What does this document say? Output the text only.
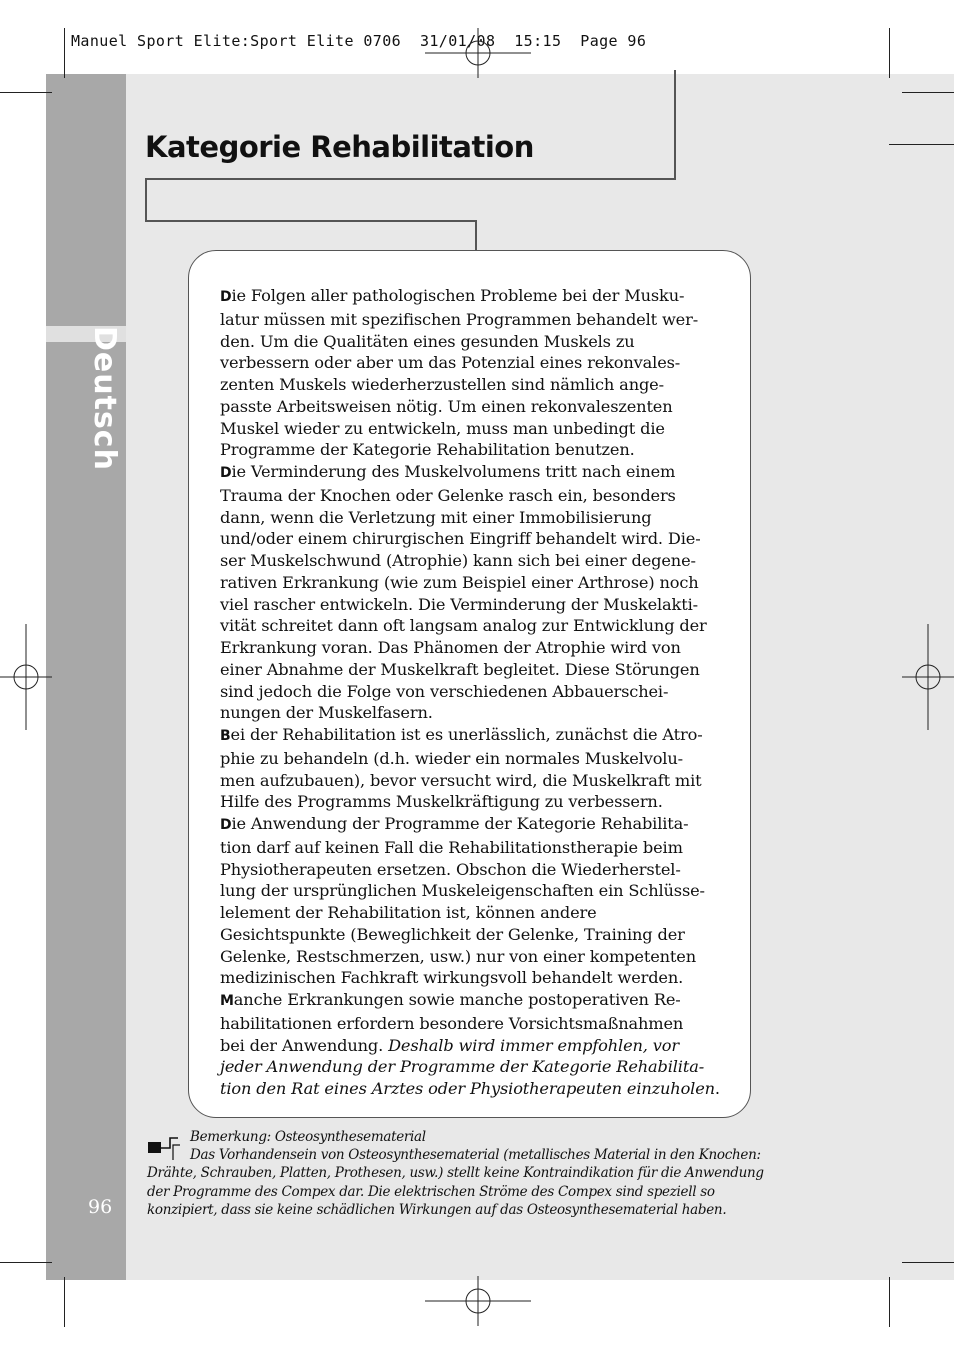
Manuel Sport Elite:Sport Elite 0706  31/01/08  15:15  Page 96
Deutsch
96
Kategorie Rehabilitation
Die Folgen aller pathologischen Probleme bei der Musku-
latur müssen mit spezifischen Programmen behandelt wer-
den. Um die Qualitäten eines gesunden Muskels zu
verbessern oder aber um das Potenzial eines rekonvales-
zenten Muskels wiederherzustellen sind nämlich ange-
passte Arbeitsweisen nötig. Um einen rekonvaleszenten
Muskel wieder zu entwickeln, muss man unbedingt die
Programme der Kategorie Rehabilitation benutzen.
Die Verminderung des Muskelvolumens tritt nach einem
Trauma der Knochen oder Gelenke rasch ein, besonders
dann, wenn die Verletzung mit einer Immobilisierung
und/oder einem chirurgischen Eingriff behandelt wird. Die-
ser Muskelschwund (Atrophie) kann sich bei einer degene-
rativen Erkrankung (wie zum Beispiel einer Arthrose) noch
viel rascher entwickeln. Die Verminderung der Muskelakti-
vität schreitet dann oft langsam analog zur Entwicklung der
Erkrankung voran. Das Phänomen der Atrophie wird von
einer Abnahme der Muskelkraft begleitet. Diese Störungen
sind jedoch die Folge von verschiedenen Abbauerschei-
nungen der Muskelfasern.
Bei der Rehabilitation ist es unerlässlich, zunächst die Atro-
phie zu behandeln (d.h. wieder ein normales Muskelvolu-
men aufzubauen), bevor versucht wird, die Muskelkraft mit
Hilfe des Programms Muskelkräftigung zu verbessern.
Die Anwendung der Programme der Kategorie Rehabilita-
tion darf auf keinen Fall die Rehabilitationstherapie beim
Physiotherapeuten ersetzen. Obschon die Wiederherstel-
lung der ursprünglichen Muskeleigenschaften ein Schlüsse-
lelement der Rehabilitation ist, können andere
Gesichtspunkte (Beweglichkeit der Gelenke, Training der
Gelenke, Restschmerzen, usw.) nur von einer kompetenten
medizinischen Fachkraft wirkungsvoll behandelt werden.
Manche Erkrankungen sowie manche postoperativen Re-
habilitationen erfordern besondere Vorsichtsmaßnahmen
bei der Anwendung. Deshalb wird immer empfohlen, vor
jeder Anwendung der Programme der Kategorie Rehabilita-
tion den Rat eines Arztes oder Physiotherapeuten einzuholen.
Bemerkung: Osteosynthesematerial
Das Vorhandensein von Osteosynthesematerial (metallisches Material in den Knochen:
Drähte, Schrauben, Platten, Prothesen, usw.) stellt keine Kontraindikation für die Anwendung
der Programme des Compex dar. Die elektrischen Ströme des Compex sind speziell so
konzipiert, dass sie keine schädlichen Wirkungen auf das Osteosynthesematerial haben.
